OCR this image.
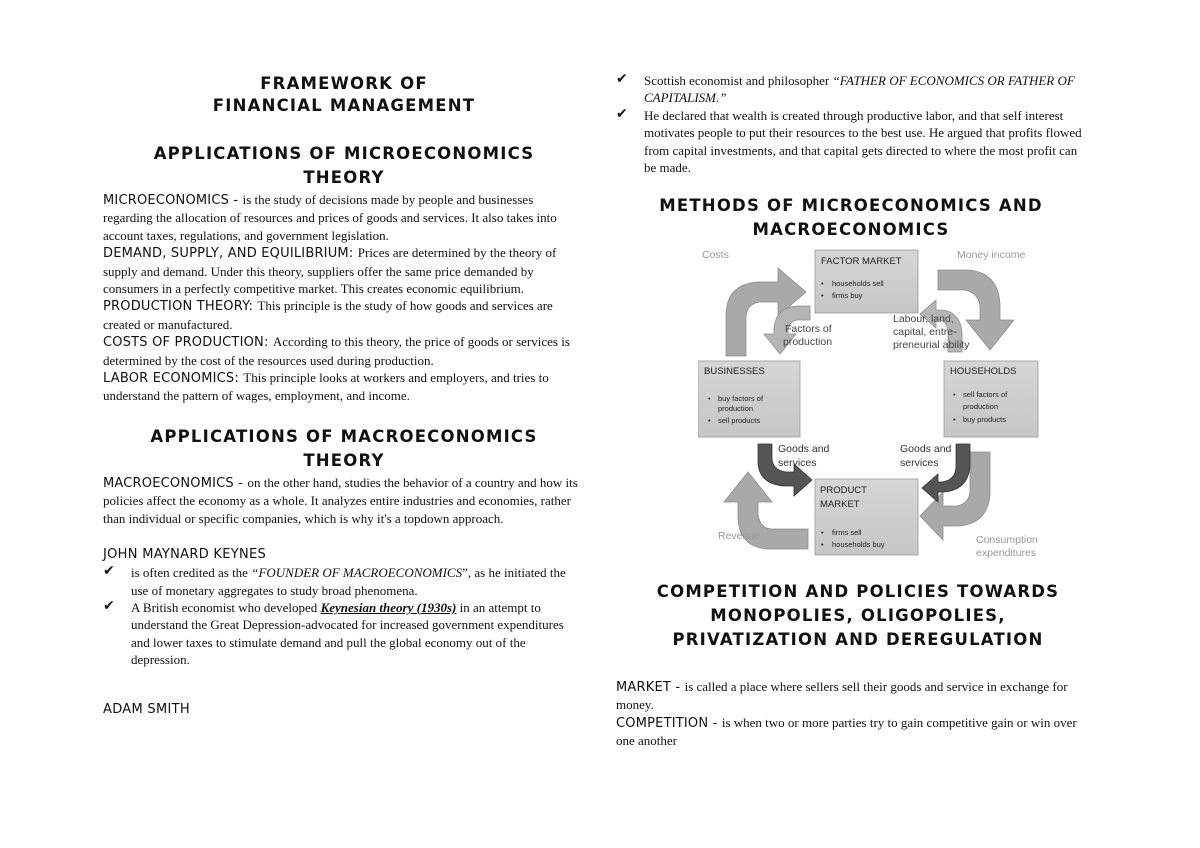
FRAMEWORK OF

FINANCIAL MANAGEMENT

APPLICATIONS OF MICROECONOMICS

THEORY

MICROECONOMICS - is the study of decisions made by people and businesses regarding the allocation of resources and prices of goods and services. It also takes into account taxes, regulations, and government legislation.

DEMAND, SUPPLY, AND EQUILIBRIUM: Prices are determined by the theory of supply and demand. Under this theory, suppliers offer the same price demanded by consumers in a perfectly competitive market. This creates economic equilibrium.

PRODUCTION THEORY: This principle is the study of how goods and services are created or manufactured.

COSTS OF PRODUCTION: According to this theory, the price of goods or services is determined by the cost of the resources used during production.

LABOR ECONOMICS: This principle looks at workers and employers, and tries to understand the pattern of wages, employment, and income.

APPLICATIONS OF MACROECONOMICS

THEORY

MACROECONOMICS - on the other hand, studies the behavior of a country and how its policies affect the economy as a whole. It analyzes entire industries and economies, rather than individual or specific companies, which is why it's a topdown approach.

JOHN MAYNARD KEYNES

✔ is often credited as the “FOUNDER OF MACROECONOMICS”, as he initiated the use of monetary aggregates to study broad phenomena.

✔ A British economist who developed Keynesian theory (1930s) in an attempt to understand the Great Depression-advocated for increased government expenditures and lower taxes to stimulate demand and pull the global economy out of the depression.

ADAM SMITH

✔ Scottish economist and philosopher “FATHER OF ECONOMICS OR FATHER OF CAPITALISM.”

✔ He declared that wealth is created through productive labor, and that self interest motivates people to put their resources to the best use. He argued that profits flowed from capital investments, and that capital gets directed to where the most profit can be made.

METHODS OF MICROECONOMICS AND

MACROECONOMICS

Costs	Money income
FACTOR MARKET
• households sell
• firms buy
Factors of
production
Labour, land,
capital, entre-
preneurial ability
BUSINESSES
• buy factors of
production
• sell products
HOUSEHOLDS
• sell factors of
production
• buy products
Goods and
services
Goods and
services
PRODUCT
MARKET
• firms sell
• households buy
Revenue	Consumption
expenditures

COMPETITION AND POLICIES TOWARDS

MONOPOLIES, OLIGOPOLIES,

PRIVATIZATION AND DEREGULATION

MARKET - is called a place where sellers sell their goods and service in exchange for money.

COMPETITION - is when two or more parties try to gain competitive gain or win over one another
